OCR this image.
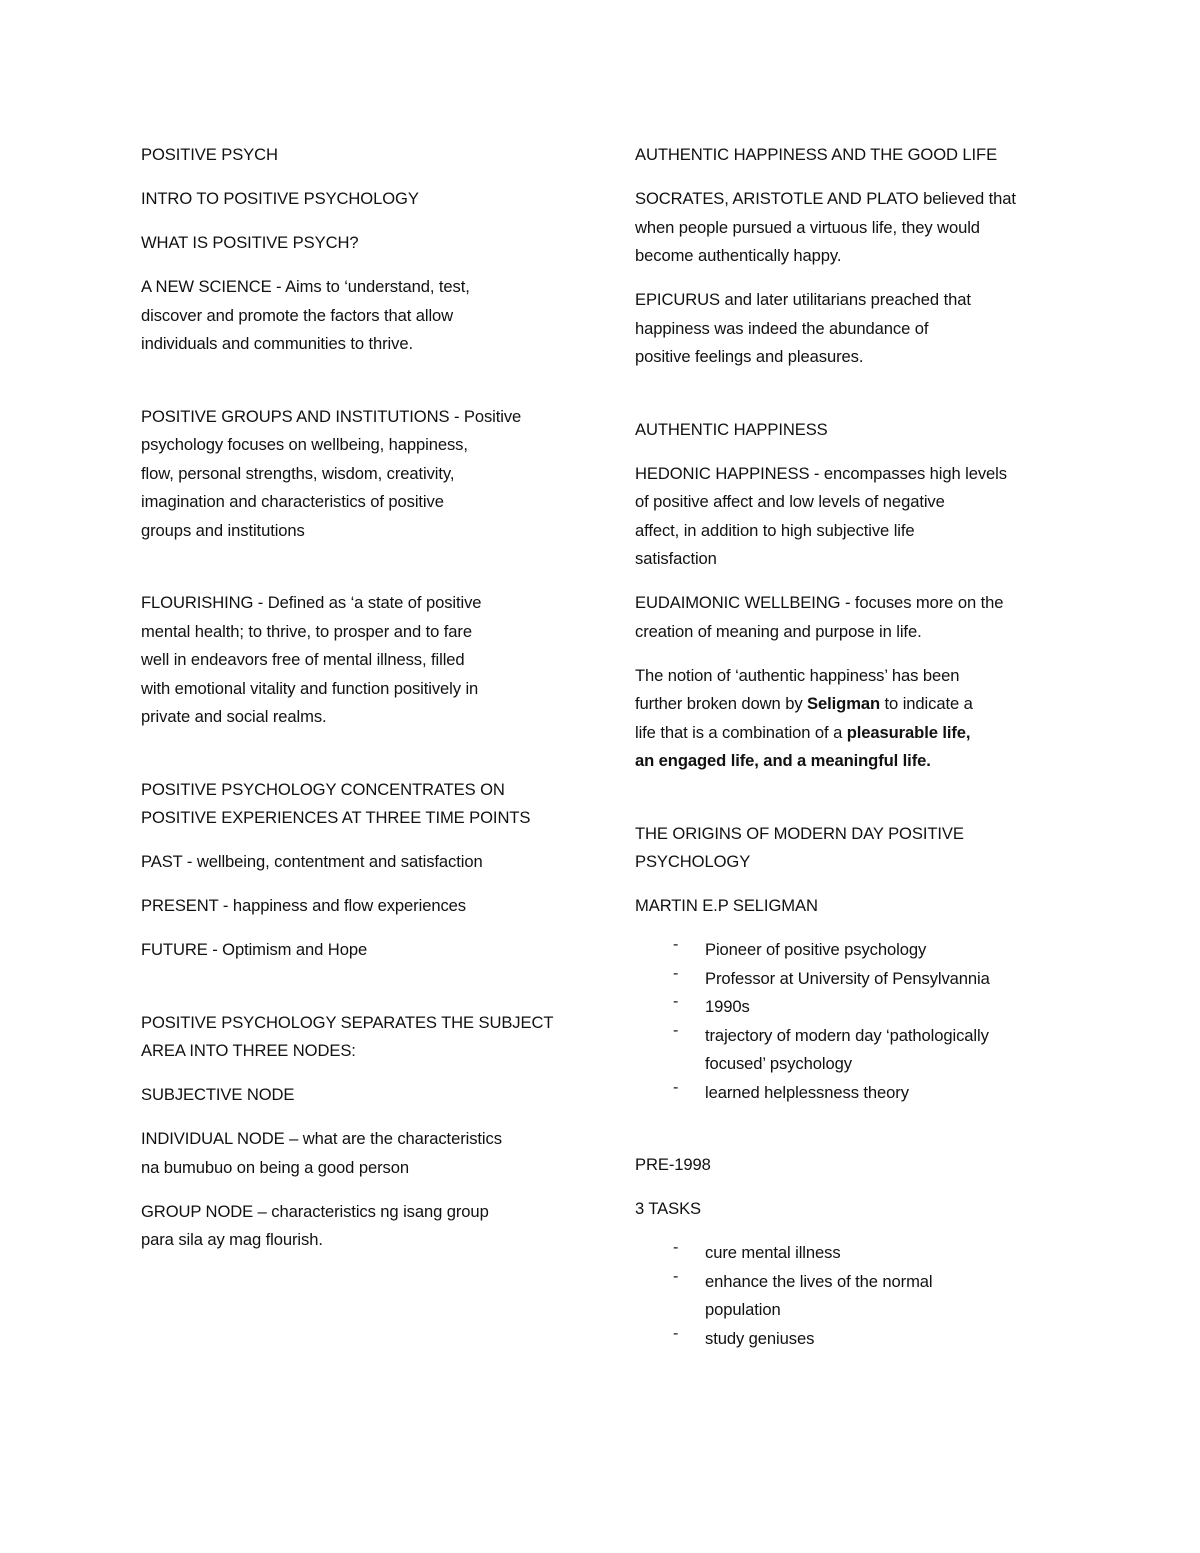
POSITIVE PSYCH
INTRO TO POSITIVE PSYCHOLOGY
WHAT IS POSITIVE PSYCH?
A NEW SCIENCE - Aims to ‘understand, test,
discover and promote the factors that allow
individuals and communities to thrive.
POSITIVE GROUPS AND INSTITUTIONS - Positive
psychology focuses on wellbeing, happiness,
flow, personal strengths, wisdom, creativity,
imagination and characteristics of positive
groups and institutions
FLOURISHING - Defined as ‘a state of positive
mental health; to thrive, to prosper and to fare
well in endeavors free of mental illness, filled
with emotional vitality and function positively in
private and social realms.
POSITIVE PSYCHOLOGY CONCENTRATES ON
POSITIVE EXPERIENCES AT THREE TIME POINTS
PAST - wellbeing, contentment and satisfaction
PRESENT - happiness and flow experiences
FUTURE - Optimism and Hope
POSITIVE PSYCHOLOGY SEPARATES THE SUBJECT
AREA INTO THREE NODES:
SUBJECTIVE NODE
INDIVIDUAL NODE – what are the characteristics
na bumubuo on being a good person
GROUP NODE – characteristics ng isang group
para sila ay mag flourish.
AUTHENTIC HAPPINESS AND THE GOOD LIFE
SOCRATES, ARISTOTLE AND PLATO believed that
when people pursued a virtuous life, they would
become authentically happy.
EPICURUS and later utilitarians preached that
happiness was indeed the abundance of
positive feelings and pleasures.
AUTHENTIC HAPPINESS
HEDONIC HAPPINESS - encompasses high levels
of positive affect and low levels of negative
affect, in addition to high subjective life
satisfaction
EUDAIMONIC WELLBEING - focuses more on the
creation of meaning and purpose in life.
The notion of ‘authentic happiness’ has been
further broken down by Seligman to indicate a
life that is a combination of a pleasurable life,
an engaged life, and a meaningful life.
THE ORIGINS OF MODERN DAY POSITIVE
PSYCHOLOGY
MARTIN E.P SELIGMAN
- Pioneer of positive psychology
- Professor at University of Pensylvannia
- 1990s
- trajectory of modern day ‘pathologically
focused’ psychology
- learned helplessness theory
PRE-1998
3 TASKS
- cure mental illness
- enhance the lives of the normal
population
- study geniuses
